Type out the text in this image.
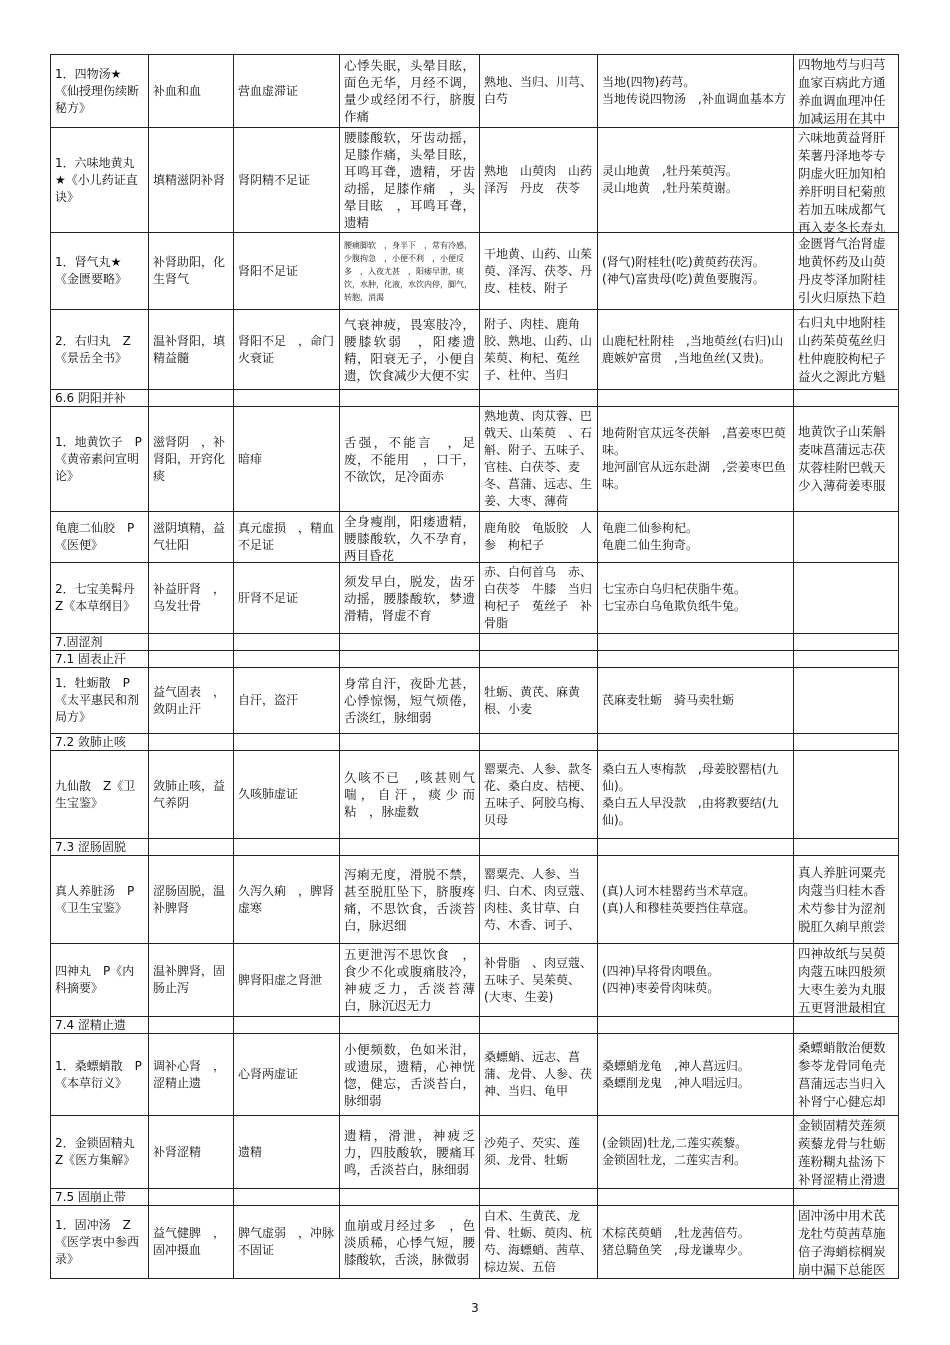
1．四物汤★《仙授理伤续断秘方》	补血和血	营血虚滞证	心悸失眠，头晕目眩，面色无华，月经不调，量少或经闭不行，脐腹作痛	熟地、当归、川芎、白芍	当地(四物)药芎。
当地传说四物汤　,补血调血基本方	四物地芍与归芎血家百病此方通养血调血理冲任加减运用在其中

1．六味地黄丸★《小儿药证直诀》	填精滋阴补肾	肾阴精不足证	腰膝酸软，牙齿动摇，足膝作痛，头晕目眩，耳鸣耳聋，遗精，牙齿动摇，足膝作痛　，头晕目眩　，耳鸣耳聋，遗精	熟地　山萸肉　山药　泽泻　丹皮　茯苓	灵山地黄　,牡丹茱萸泻。
灵山地黄　,牡丹茱萸谢。	六味地黄益肾肝茱薯丹泽地苓专阴虚火旺加知柏养肝明目杞菊煎若加五味成都气再入麦冬长寿丸

1．肾气丸★《金匮要略》	补肾助阳，化生肾气	肾阳不足证	腰痛脚软　，身半下　，常有冷感，少腹拘急　，小便不利　，小便反多　，入夜尤甚　，阳痿早泄，痰饮，水肿，化液，水饮内停，脚气，转胞，消渴	干地黄、山药、山茱萸、泽泻、茯苓、丹皮、桂枝、附子	(肾气)附桂牡(吃)黄萸药茯泻。
(神气)富贵母(吃)黄鱼要腹泻。	金匮肾气治肾虚地黄怀药及山萸丹皮苓泽加附桂引火归原热下趋

2．右归丸　Z《景岳全书》	温补肾阳，填精益髓	肾阳不足　，命门火衰证	气衰神疲，畏寒肢冷，腰膝软弱　，阳痿遗精，阳衰无子，小便自遗，饮食减少大便不实	附子、肉桂、鹿角胶、熟地、山药、山茱萸、枸杞、菟丝子、杜仲、当归	山鹿杞杜附桂　,当地萸丝(右归)山鹿嫉妒富贯　,当地鱼丝(又贵)。	右归丸中地附桂山药茱萸菟丝归杜仲鹿胶枸杞子益火之源此方魁

6.6 阴阳并补						

1．地黄饮子　P《黄帝素问宣明论》	滋肾阴　，补肾阳，开窍化痰	暗痱	舌强，不能言　，足废，不能用　，口干，不欲饮，足冷面赤	熟地黄、肉苁蓉、巴戟天、山茱萸　、石斛、附子、五味子、官桂、白茯苓、麦冬、菖蒲、远志、生姜、大枣、薄荷	地荷附官苁远冬茯斛　,菖姜枣巴萸味。
地河副官从远东赴湖　,尝姜枣巴鱼味。	地黄饮子山茱斛麦味菖蒲远志茯苁蓉桂附巴戟天少入薄荷姜枣服

龟鹿二仙胶　P《医便》	滋阴填精，益气壮阳	真元虚损　，精血不足证	全身瘦削，阳痿遗精，腰膝酸软，久不孕育，两目昏花	鹿角胶　龟版胶　人参　枸杞子	龟鹿二仙参枸杞。
龟鹿二仙生狗奇。	

2．七宝美髯丹　Z《本草纲目》	补益肝肾　，乌发壮骨	肝肾不足证	须发早白，脱发，齿牙动摇，腰膝酸软，梦遗滑精，肾虚不育	赤、白何首乌　赤、白茯苓　牛膝　当归　枸杞子　菟丝子　补骨脂	七宝赤白乌归杞茯脂牛菟。
七宝赤白乌龟欺负纸牛兔。	

7.固涩剂						
7.1 固表止汗						

1．牡蛎散　P《太平惠民和剂局方》	益气固表　，敛阴止汗	自汗，盗汗	身常自汗，夜卧尤甚，心悸惊惕，短气烦倦，舌淡红，脉细弱	牡蛎、黄芪、麻黄根、小麦	芪麻麦牡蛎　骑马卖牡蛎	

7.2 敛肺止咳						

九仙散　Z《卫生宝鉴》	敛肺止咳，益气养阴	久咳肺虚证	久咳不已　,咳甚则气喘，自汗，痰少而粘　，脉虚数	罂粟壳、人参、款冬花、桑白皮、桔梗、五味子、阿胶乌梅、贝母	桑白五人枣梅款　,母姜胶罂桔(九仙)。
桑白五人早没款　,由将教要结(九仙)。	

7.3 涩肠固脱						

真人养脏汤　P《卫生宝鉴》	涩肠固脱，温补脾肾	久泻久痢　，脾肾虚寒	泻痢无度，滑脱不禁，甚至脱肛坠下，脐腹疼痛，不思饮食，舌淡苔白，脉迟细	罂粟壳、人参、当归、白术、肉豆蔻、肉桂、炙甘草、白芍、木香、诃子、	(真)人诃木桂罂药当术草寇。
(真)人和穆桂英要挡住草寇。	真人养脏诃粟壳肉蔻当归桂木香术芍参甘为涩剂脱肛久痢早煎尝

四神丸　P《内科摘要》	温补脾肾，固肠止泻	脾肾阳虚之肾泄	五更泄泻不思饮食　，食少不化或腹痛肢冷，神疲乏力，舌淡苔薄白，脉沉迟无力	补骨脂　、肉豆蔻、五味子、吴茱萸、(大枣、生姜)	(四神)早将骨肉喂鱼。
(四神)枣姜骨肉味萸。	四神故纸与吴萸肉蔻五味四般须大枣生姜为丸服五更肾泄最相宜

7.4 涩精止遗						

1．桑螵蛸散　P《本草衍义》	调补心肾　，涩精止遗	心肾两虚证	小便频数，色如米泔，或遗尿，遗精，心神恍惚，健忘，舌淡苔白，脉细弱	桑螵蛸、远志、菖蒲、龙骨、人参、茯神、当归、龟甲	桑螵蛸龙龟　,神人菖远归。
桑螵削龙鬼　,神人唱远归。	桑螵蛸散治便数参苓龙骨同龟壳菖蒲远志当归入补肾宁心健忘却

2．金锁固精丸　Z《医方集解》	补肾涩精	遗精	遗精，滑泄，神疲乏力，四肢酸软，腰痛耳鸣，舌淡苔白，脉细弱	沙苑子、芡实、莲须、龙骨、牡蛎	(金锁固)牡龙,二莲实蒺藜。
金锁固牡龙，二莲实吉利。	金锁固精芡莲须蒺藜龙骨与牡蛎莲粉糊丸盐汤下补肾涩精止滑遗

7.5 固崩止带						

1．固冲汤　Z《医学衷中参西录》	益气健脾　，固冲摄血	脾气虚弱　，冲脉不固证	血崩或月经过多　，色淡质稀，心悸气短，腰膝酸软，舌淡，脉微弱	白术、生黄芪、龙骨、牡蛎、萸肉、杭芍、海螵蛸、茜草、棕边炭、五倍	术棕芪萸蛸　,牡龙茜倍芍。
猪总騎鱼笑　,母龙谦卑少。	固冲汤中用术芪龙牡芍萸茜草施倍子海蛸棕榈炭崩中漏下总能医
3
